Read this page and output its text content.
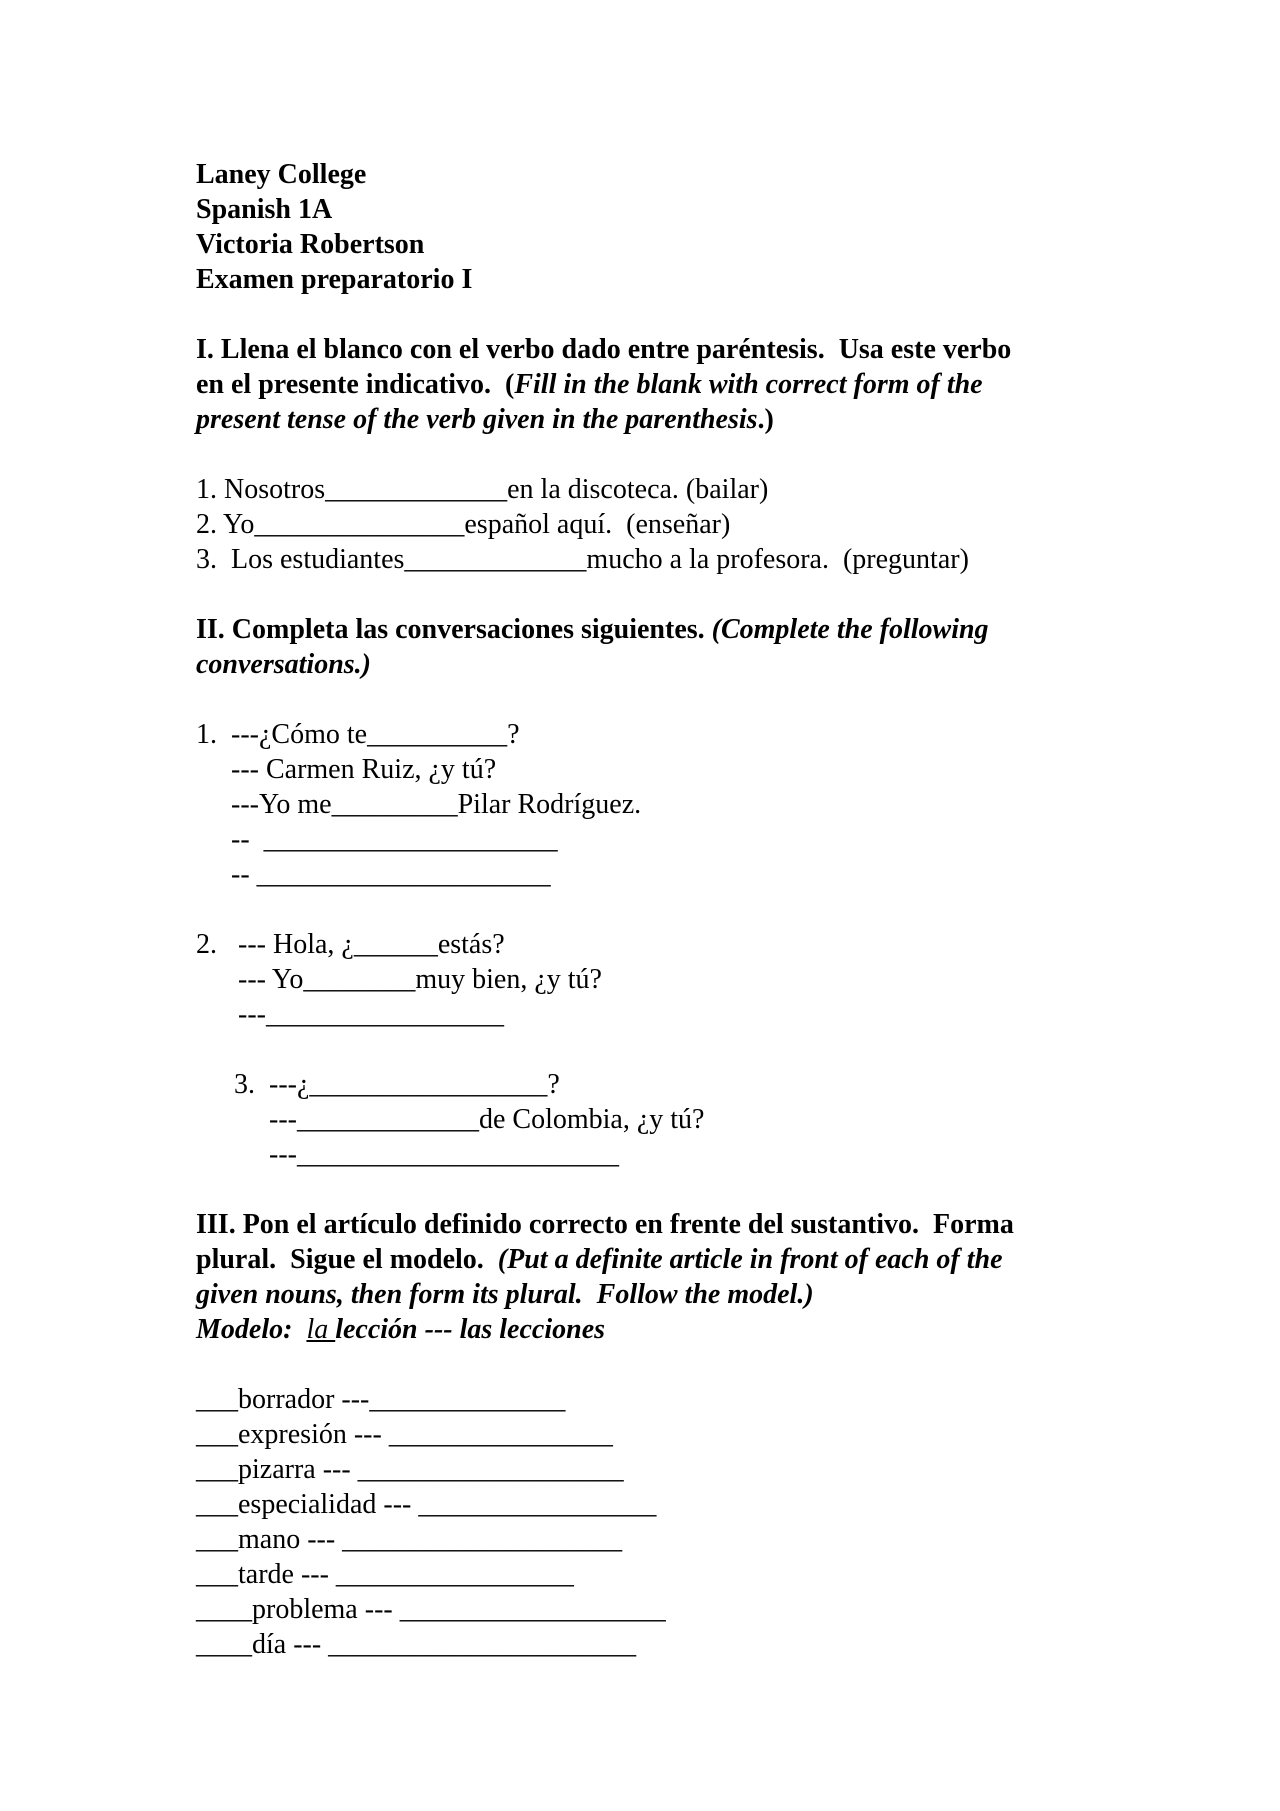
Laney College
Spanish 1A
Victoria Robertson
Examen preparatorio I
I. Llena el blanco con el verbo dado entre paréntesis.  Usa este verbo
en el presente indicativo.  (Fill in the blank with correct form of the
present tense of the verb given in the parenthesis.)
1. Nosotros_____________en la discoteca. (bailar)
2. Yo_______________español aquí.  (enseñar)
3.  Los estudiantes_____________mucho a la profesora.  (preguntar)
II. Completa las conversaciones siguientes. (Complete the following
conversations.)
1.  ---¿Cómo te__________?
--- Carmen Ruiz, ¿y tú?
---Yo me_________Pilar Rodríguez.
--  _____________________
-- _____________________
2.   --- Hola, ¿______estás?
--- Yo________muy bien, ¿y tú?
---_________________
3.  ---¿_________________?
---_____________de Colombia, ¿y tú?
---_______________________
III. Pon el artículo definido correcto en frente del sustantivo.  Forma
plural.  Sigue el modelo.  (Put a definite article in front of each of the
given nouns, then form its plural.  Follow the model.)
Modelo:  la lección --- las lecciones
___borrador ---______________
___expresión --- ________________
___pizarra --- ___________________
___especialidad --- _________________
___mano --- ____________________
___tarde --- _________________
____problema --- ___________________
____día --- ______________________
